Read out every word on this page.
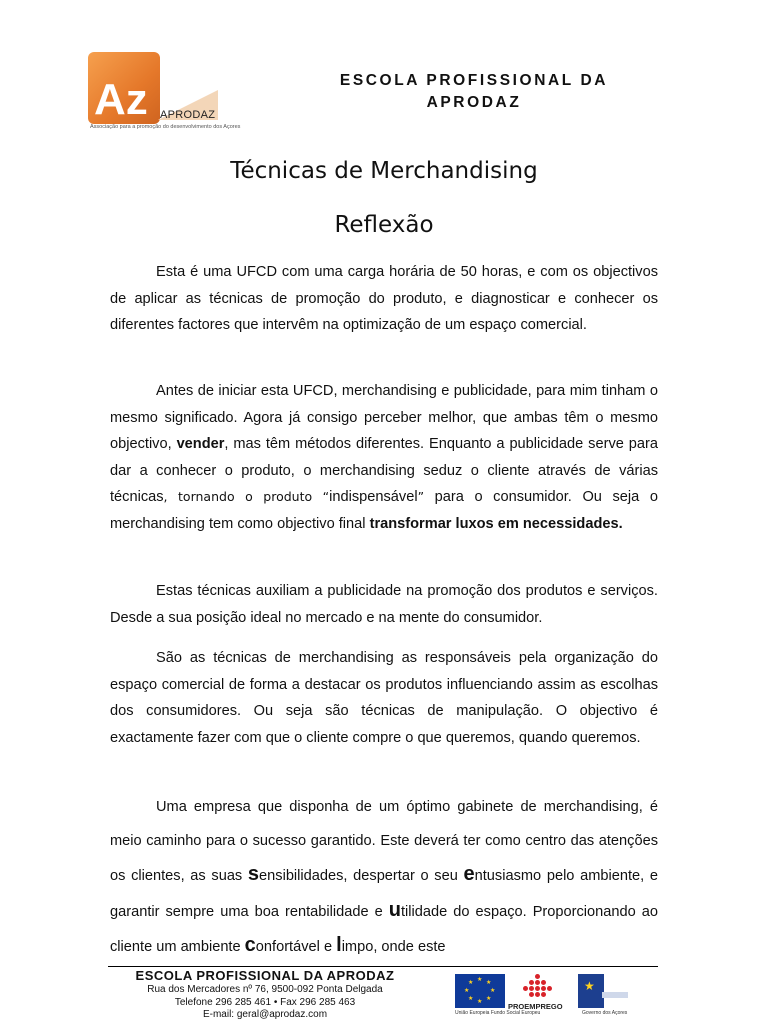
Az APRODAZ
Associação para a promoção do desenvolvimento dos Açores
ESCOLA PROFISSIONAL DA APRODAZ
Técnicas de Merchandising
Reflexão

Esta é uma UFCD com uma carga horária de 50 horas, e com os objectivos de aplicar as técnicas de promoção do produto, e diagnosticar e conhecer os diferentes factores que intervêm na optimização de um espaço comercial.

Antes de iniciar esta UFCD, merchandising e publicidade, para mim tinham o mesmo significado. Agora já consigo perceber melhor, que ambas têm o mesmo objectivo, vender, mas têm métodos diferentes. Enquanto a publicidade serve para dar a conhecer o produto, o merchandising seduz o cliente através de várias técnicas, tornando o produto “indispensável” para o consumidor. Ou seja o merchandising tem como objectivo final transformar luxos em necessidades.

Estas técnicas auxiliam a publicidade na promoção dos produtos e serviços. Desde a sua posição ideal no mercado e na mente do consumidor.

São as técnicas de merchandising as responsáveis pela organização do espaço comercial de forma a destacar os produtos influenciando assim as escolhas dos consumidores. Ou seja são técnicas de manipulação. O objectivo é exactamente fazer com que o cliente compre o que queremos, quando queremos.

Uma empresa que disponha de um óptimo gabinete de merchandising, é meio caminho para o sucesso garantido. Este deverá ter como centro das atenções os clientes, as suas sensibilidades, despertar o seu entusiasmo pelo ambiente, e garantir sempre uma boa rentabilidade e utilidade do espaço. Proporcionando ao cliente um ambiente confortável e limpo, onde este

ESCOLA PROFISSIONAL DA APRODAZ
Rua dos Mercadores nº 76, 9500-092 Ponta Delgada
Telefone 296 285 461 • Fax 296 285 463
E-mail: geral@aprodaz.com
★ ★
★
★
★
★
★
★
União Europeia Fundo Social Europeu
PROEMPREGO
★
Governo dos Açores
